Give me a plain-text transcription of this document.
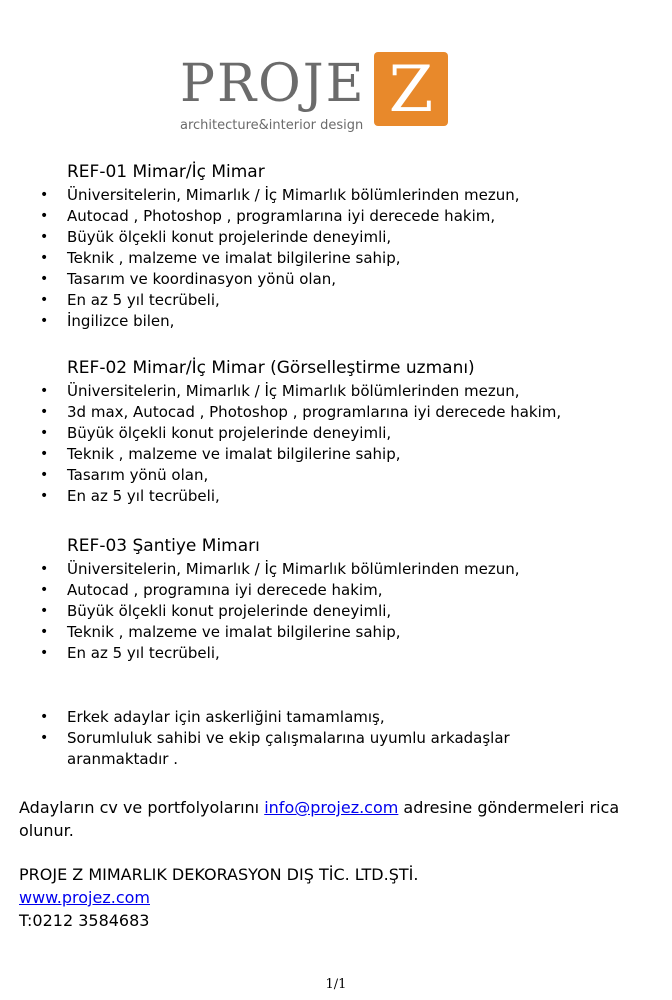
PROJE Z
architecture&interior design
REF-01 Mimar/İç Mimar
• Üniversitelerin, Mimarlık / İç Mimarlık bölümlerinden mezun,
• Autocad , Photoshop , programlarına iyi derecede hakim,
• Büyük ölçekli konut projelerinde deneyimli,
• Teknik , malzeme ve imalat bilgilerine sahip,
• Tasarım ve koordinasyon yönü olan,
• En az 5 yıl tecrübeli,
• İngilizce bilen,
REF-02 Mimar/İç Mimar (Görselleştirme uzmanı)
• Üniversitelerin, Mimarlık / İç Mimarlık bölümlerinden mezun,
• 3d max, Autocad , Photoshop , programlarına iyi derecede hakim,
• Büyük ölçekli konut projelerinde deneyimli,
• Teknik , malzeme ve imalat bilgilerine sahip,
• Tasarım yönü olan,
• En az 5 yıl tecrübeli,
REF-03 Şantiye Mimarı
• Üniversitelerin, Mimarlık / İç Mimarlık bölümlerinden mezun,
• Autocad , programına iyi derecede hakim,
• Büyük ölçekli konut projelerinde deneyimli,
• Teknik , malzeme ve imalat bilgilerine sahip,
• En az 5 yıl tecrübeli,
• Erkek adaylar için askerliğini tamamlamış,
• Sorumluluk sahibi ve ekip çalışmalarına uyumlu arkadaşlar aranmaktadır .
Adayların cv ve portfolyolarını info@projez.com adresine göndermeleri rica olunur.
PROJE Z MIMARLIK DEKORASYON DIŞ TİC. LTD.ŞTİ.
www.projez.com
T:0212 3584683
1/1
